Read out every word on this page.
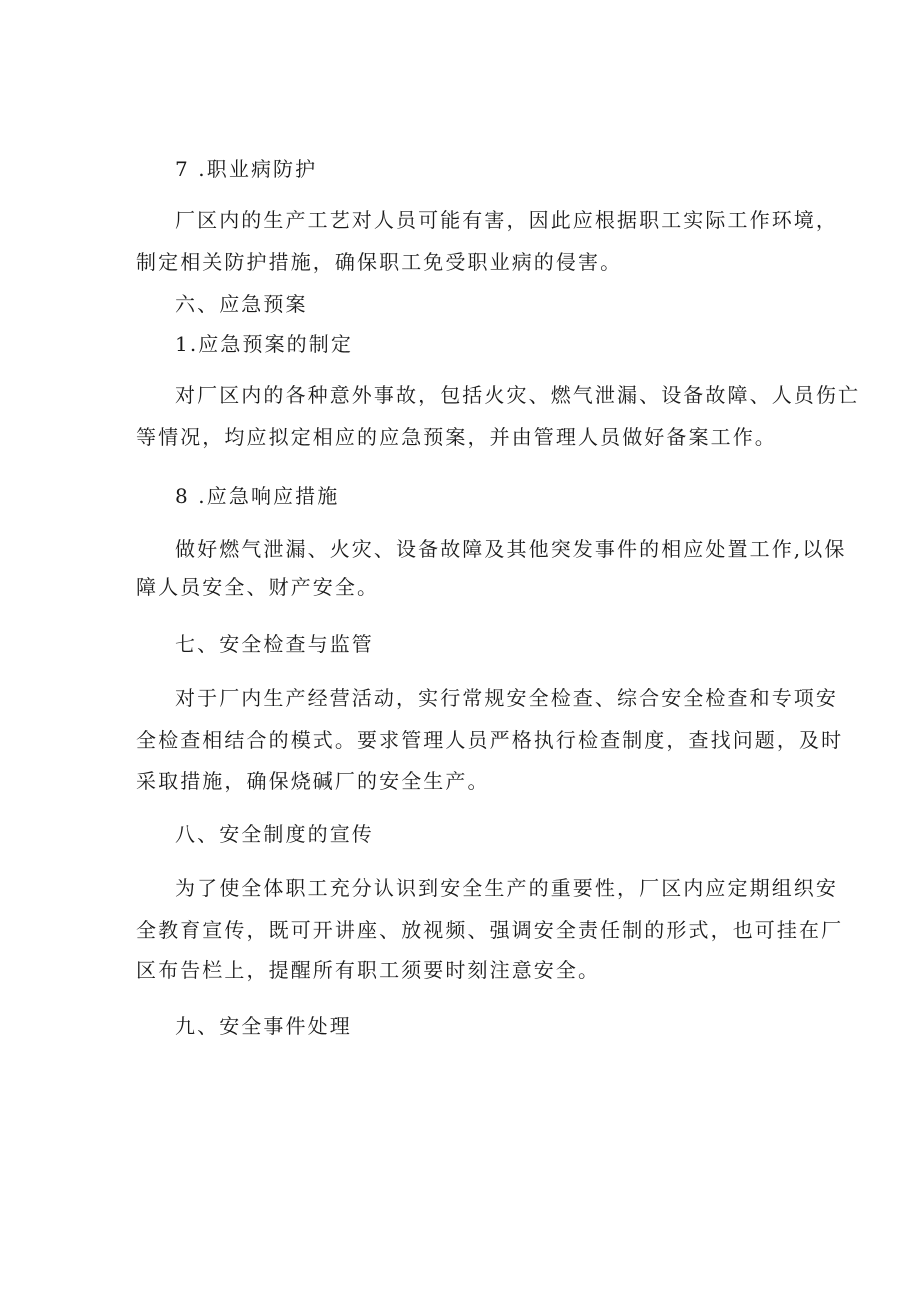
7 .职业病防护
厂区内的生产工艺对人员可能有害，因此应根据职工实际工作环境，
制定相关防护措施，确保职工免受职业病的侵害。
六、应急预案
1.应急预案的制定
对厂区内的各种意外事故，包括火灾、燃气泄漏、设备故障、人员伤亡
等情况，均应拟定相应的应急预案，并由管理人员做好备案工作。
8 .应急响应措施
做好燃气泄漏、火灾、设备故障及其他突发事件的相应处置工作,以保
障人员安全、财产安全。
七、安全检查与监管
对于厂内生产经营活动，实行常规安全检查、综合安全检查和专项安
全检查相结合的模式。要求管理人员严格执行检查制度，查找问题，及时
采取措施，确保烧碱厂的安全生产。
八、安全制度的宣传
为了使全体职工充分认识到安全生产的重要性，厂区内应定期组织安
全教育宣传，既可开讲座、放视频、强调安全责任制的形式，也可挂在厂
区布告栏上，提醒所有职工须要时刻注意安全。
九、安全事件处理
